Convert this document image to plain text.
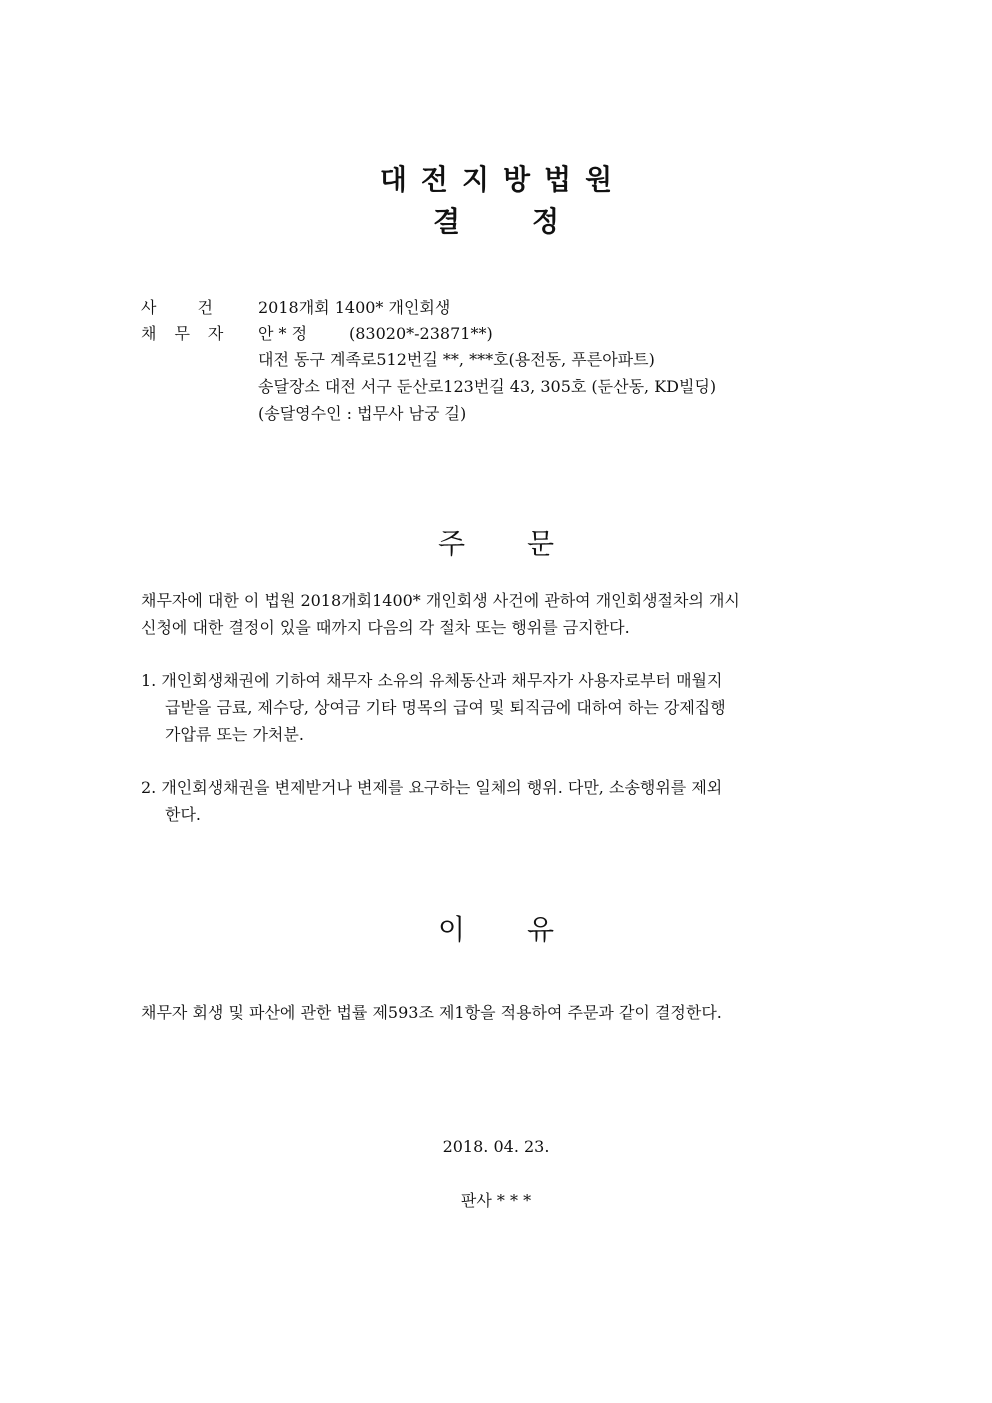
대전지방법원
결정
사 건 2018개회 1400* 개인회생
채무자 안 * 정	(83020*-23871**)
대전 동구 계족로512번길 **, ***호(용전동, 푸른아파트)
송달장소 대전 서구 둔산로123번길 43, 305호 (둔산동, KD빌딩)
(송달영수인 : 법무사 남궁 길)
주문
채무자에 대한 이 법원 2018개회1400* 개인회생 사건에 관하여 개인회생절차의 개시
신청에 대한 결정이 있을 때까지 다음의 각 절차 또는 행위를 금지한다.
1. 개인회생채권에 기하여 채무자 소유의 유체동산과 채무자가 사용자로부터 매월지
급받을 금료, 제수당, 상여금 기타 명목의 급여 및 퇴직금에 대하여 하는 강제집행
가압류 또는 가처분.
2. 개인회생채권을 변제받거나 변제를 요구하는 일체의 행위. 다만, 소송행위를 제외
한다.
이유
채무자 회생 및 파산에 관한 법률 제593조 제1항을 적용하여 주문과 같이 결정한다.
2018. 04. 23.
판사 * * *
